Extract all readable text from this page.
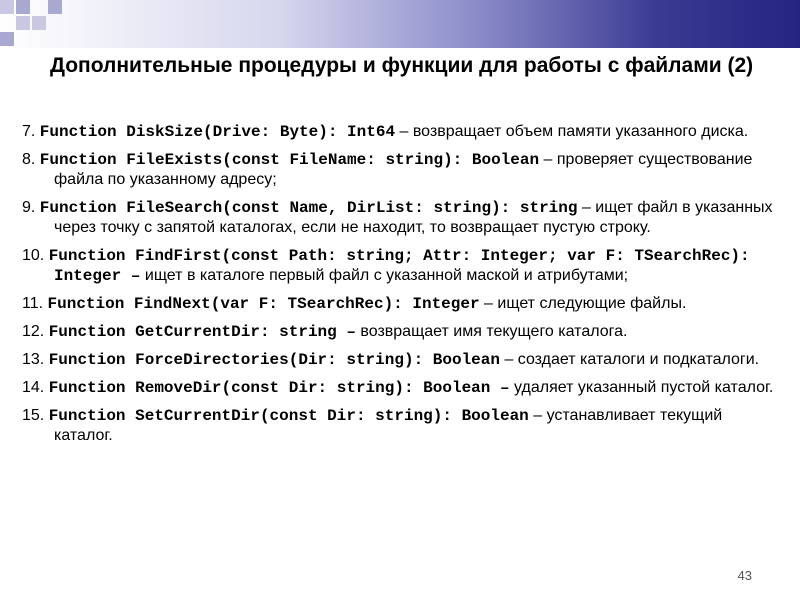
Дополнительные процедуры и функции для работы с файлами (2)
7. Function DiskSize(Drive: Byte): Int64 – возвращает объем памяти указанного диска.
8. Function FileExists(const FileName: string): Boolean – проверяет существование файла по указанному адресу;
9. Function FileSearch(const Name, DirList: string): string – ищет файл в указанных через точку с запятой каталогах, если не находит, то возвращает пустую строку.
10. Function FindFirst(const Path: string; Attr: Integer; var F: TSearchRec): Integer – ищет в каталоге первый файл с указанной маской и атрибутами;
11. Function FindNext(var F: TSearchRec): Integer – ищет следующие файлы.
12. Function GetCurrentDir: string – возвращает имя текущего каталога.
13. Function ForceDirectories(Dir: string): Boolean – создает каталоги и подкаталоги.
14. Function RemoveDir(const Dir: string): Boolean – удаляет указанный пустой каталог.
15. Function SetCurrentDir(const Dir: string): Boolean – устанавливает текущий каталог.
43
